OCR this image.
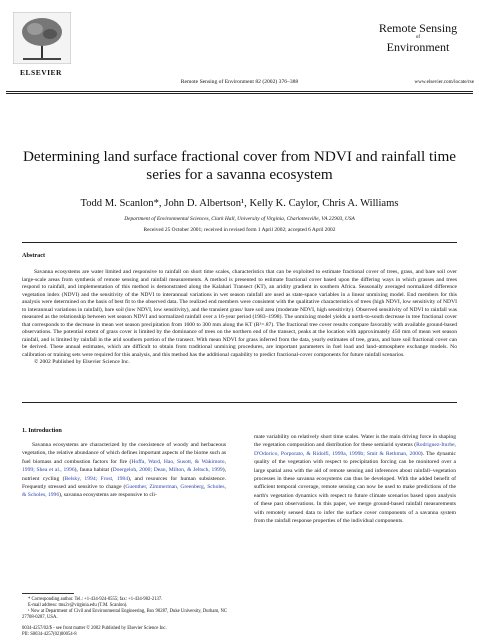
ELSEVIER
Remote Sensing of Environment 82 (2002) 376–388
Remote Sensing
of
Environment
www.elsevier.com/locate/rse
Determining land surface fractional cover from NDVI and rainfall time series for a savanna ecosystem
Todd M. Scanlon*, John D. Albertson¹, Kelly K. Caylor, Chris A. Williams
Department of Environmental Sciences, Clark Hall, University of Virginia, Charlottesville, VA 22903, USA
Received 25 October 2001; received in revised form 1 April 2002; accepted 6 April 2002
Abstract

Savanna ecosystems are water limited and responsive to rainfall on short time scales, characteristics that can be exploited to estimate fractional cover of trees, grass, and bare soil over large-scale areas from synthesis of remote sensing and rainfall measurements. A method is presented to estimate fractional cover based upon the differing ways in which grasses and trees respond to rainfall, and implementation of this method is demonstrated along the Kalahari Transect (KT), an aridity gradient in southern Africa. Seasonally averaged normalized difference vegetation index (NDVI) and the sensitivity of the NDVI to interannual variations in wet season rainfall are used as state-space variables in a linear unmixing model. End members for this analysis were determined on the basis of best fit to the observed data. The realized end members were consistent with the qualitative characteristics of trees (high NDVI, low sensitivity of NDVI to interannual variations in rainfall), bare soil (low NDVI, low sensitivity), and the transient grass/ bare soil area (moderate NDVI, high sensitivity). Observed sensitivity of NDVI to rainfall was measured as the relationship between wet season NDVI and normalized rainfall over a 16-year period (1983–1998). The unmixing model yields a north-to-south decrease in tree fractional cover that corresponds to the decrease in mean wet season precipitation from 1600 to 300 mm along the KT (R²=.87). The fractional tree cover results compare favorably with available ground-based observations. The potential extent of grass cover is limited by the dominance of trees on the northern end of the transect, peaks at the location with approximately 450 mm of mean wet season rainfall, and is limited by rainfall in the arid southern portion of the transect. With mean NDVI for grass inferred from the data, yearly estimates of tree, grass, and bare soil fractional cover can be derived. These annual estimates, which are difficult to obtain from traditional unmixing procedures, are important parameters in fuel load and land–atmosphere exchange models. No calibration or training sets were required for this analysis, and this method has the additional capability to predict fractional-cover components for future rainfall scenarios.

© 2002 Published by Elsevier Science Inc.
1. Introduction

Savanna ecosystems are characterized by the coexistence of woody and herbaceous vegetation, the relative abundance of which defines important aspects of the biome such as fuel biomass and combustion factors for fire (Hoffa, Ward, Hao, Susott, & Wakimoto, 1999; Shea et al., 1996), fauna habitat (Doergeloh, 2000; Dean, Milton, & Jeltsch, 1999), nutrient cycling (Belsky, 1994; Frost, 1984), and resources for human subsistence. Frequently stressed and sensitive to change (Guenther, Zimmerman, Greenberg, Scholes, & Scholes, 1996), savanna ecosystems are responsive to cli-

mate variability on relatively short time scales. Water is the main driving force in shaping the vegetation composition and distribution for these semiarid systems (Rodriguez-Iturbe, D'Odorico, Porporato, & Ridolfi, 1999a, 1999b; Smit & Rethman, 2000). The dynamic quality of the vegetation with respect to precipitation forcing can be monitored over a large spatial area with the aid of remote sensing and inferences about rainfall–vegetation processes in these savanna ecosystems can thus be developed. With the added benefit of sufficient temporal coverage, remote sensing can now be used to make predictions of the earth's vegetation dynamics with respect to future climate scenarios based upon analysis of these past observations. In this paper, we merge ground-based rainfall measurements with remotely sensed data to infer the surface cover components of a savanna system from the rainfall response properties of the individual components.

* Corresponding author. Tel.: +1-434-924-0555; fax: +1-434-982-2137.
E-mail address: tms2v@virginia.edu (T.M. Scanlon).
¹ Now at Department of Civil and Environmental Engineering, Box 90287, Duke University, Durham, NC 27708-0287, USA.
0034-4257/02/$ - see front matter © 2002 Published by Elsevier Science Inc.
PII: S0034-4257(02)00054-8
